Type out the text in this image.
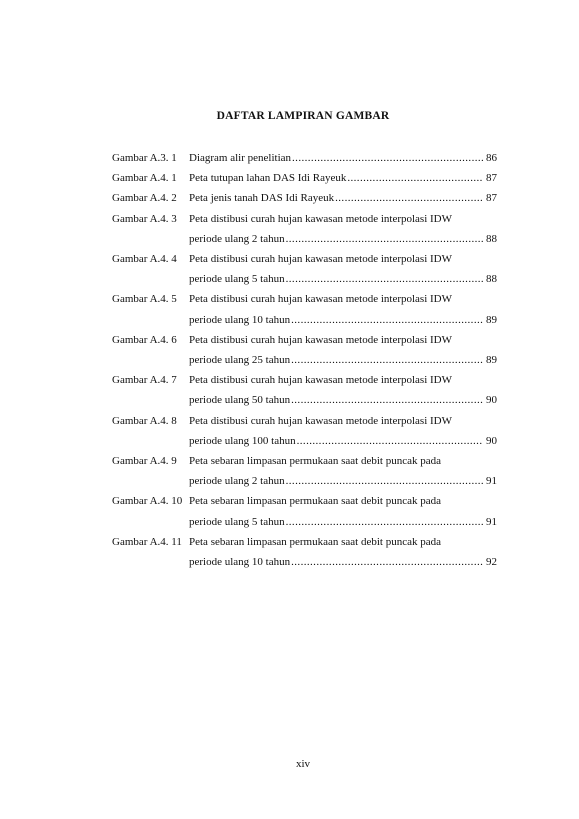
DAFTAR LAMPIRAN GAMBAR
Gambar A.3. 1	Diagram alir penelitian .....	86
Gambar A.4. 1	Peta tutupan lahan DAS Idi Rayeuk .....	87
Gambar A.4. 2	Peta jenis tanah DAS Idi Rayeuk .....	87
Gambar A.4. 3	Peta distibusi curah hujan kawasan metode interpolasi IDW
periode ulang 2 tahun .....	88
Gambar A.4. 4	Peta distibusi curah hujan kawasan metode interpolasi IDW
periode ulang 5 tahun .....	88
Gambar A.4. 5	Peta distibusi curah hujan kawasan metode interpolasi IDW
periode ulang 10 tahun .....	89
Gambar A.4. 6	Peta distibusi curah hujan kawasan metode interpolasi IDW
periode ulang 25 tahun .....	89
Gambar A.4. 7	Peta distibusi curah hujan kawasan metode interpolasi IDW
periode ulang 50 tahun .....	90
Gambar A.4. 8	Peta distibusi curah hujan kawasan metode interpolasi IDW
periode ulang 100 tahun .....	90
Gambar A.4. 9	Peta sebaran limpasan permukaan saat debit puncak pada
periode ulang 2 tahun .....	91
Gambar A.4. 10 Peta sebaran limpasan permukaan saat debit puncak pada
periode ulang 5 tahun .....	91
Gambar A.4. 11 Peta sebaran limpasan permukaan saat debit puncak pada
periode ulang 10 tahun .....	92
xiv
